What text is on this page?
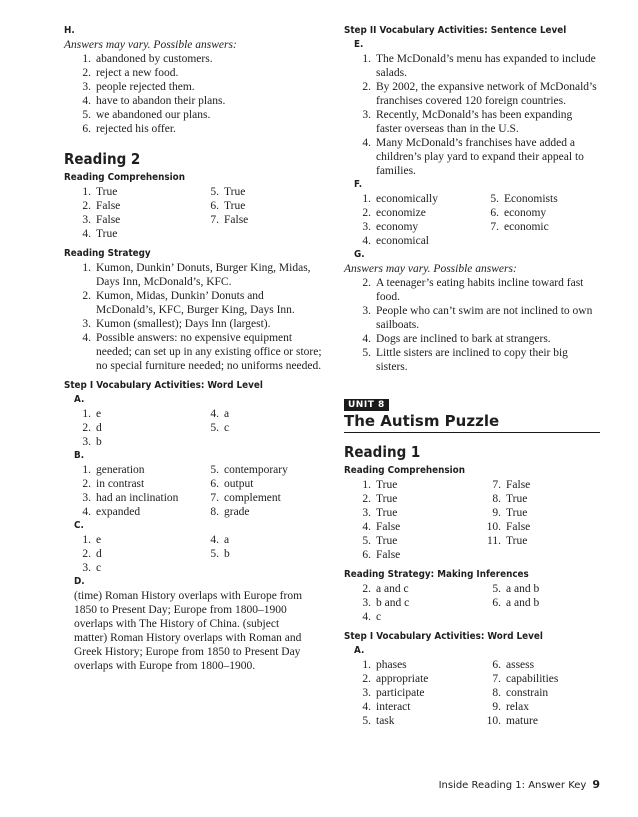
H.
Answers may vary. Possible answers:
1. abandoned by customers.
2. reject a new food.
3. people rejected them.
4. have to abandon their plans.
5. we abandoned our plans.
6. rejected his offer.
Reading 2
Reading Comprehension
1. True	5. True
2. False	6. True
3. False	7. False
4. True
Reading Strategy
1. Kumon, Dunkin’ Donuts, Burger King, Midas, Days Inn, McDonald’s, KFC.
2. Kumon, Midas, Dunkin’ Donuts and McDonald’s, KFC, Burger King, Days Inn.
3. Kumon (smallest); Days Inn (largest).
4. Possible answers: no expensive equipment needed; can set up in any existing office or store; no special furniture needed; no uniforms needed.
Step I Vocabulary Activities: Word Level
A.
1. e	4. a
2. d	5. c
3. b
B.
1. generation	5. contemporary
2. in contrast	6. output
3. had an inclination	7. complement
4. expanded	8. grade
C.
1. e	4. a
2. d	5. b
3. c
D.
(time) Roman History overlaps with Europe from 1850 to Present Day; Europe from 1800–1900 overlaps with The History of China. (subject matter) Roman History overlaps with Roman and Greek History; Europe from 1850 to Present Day overlaps with Europe from 1800–1900.
Step II Vocabulary Activities: Sentence Level
E.
1. The McDonald’s menu has expanded to include salads.
2. By 2002, the expansive network of McDonald’s franchises covered 120 foreign countries.
3. Recently, McDonald’s has been expanding faster overseas than in the U.S.
4. Many McDonald’s franchises have added a children’s play yard to expand their appeal to families.
F.
1. economically	5. Economists
2. economize	6. economy
3. economy	7. economic
4. economical
G.
Answers may vary. Possible answers:
2. A teenager’s eating habits incline toward fast food.
3. People who can’t swim are not inclined to own sailboats.
4. Dogs are inclined to bark at strangers.
5. Little sisters are inclined to copy their big sisters.
UNIT 8
The Autism Puzzle
Reading 1
Reading Comprehension
1. True	7. False
2. True	8. True
3. True	9. True
4. False	10. False
5. True	11. True
6. False
Reading Strategy: Making Inferences
2. a and c	5. a and b
3. b and c	6. a and b
4. c
Step I Vocabulary Activities: Word Level
A.
1. phases	6. assess
2. appropriate	7. capabilities
3. participate	8. constrain
4. interact	9. relax
5. task	10. mature
Inside Reading 1: Answer Key 9
